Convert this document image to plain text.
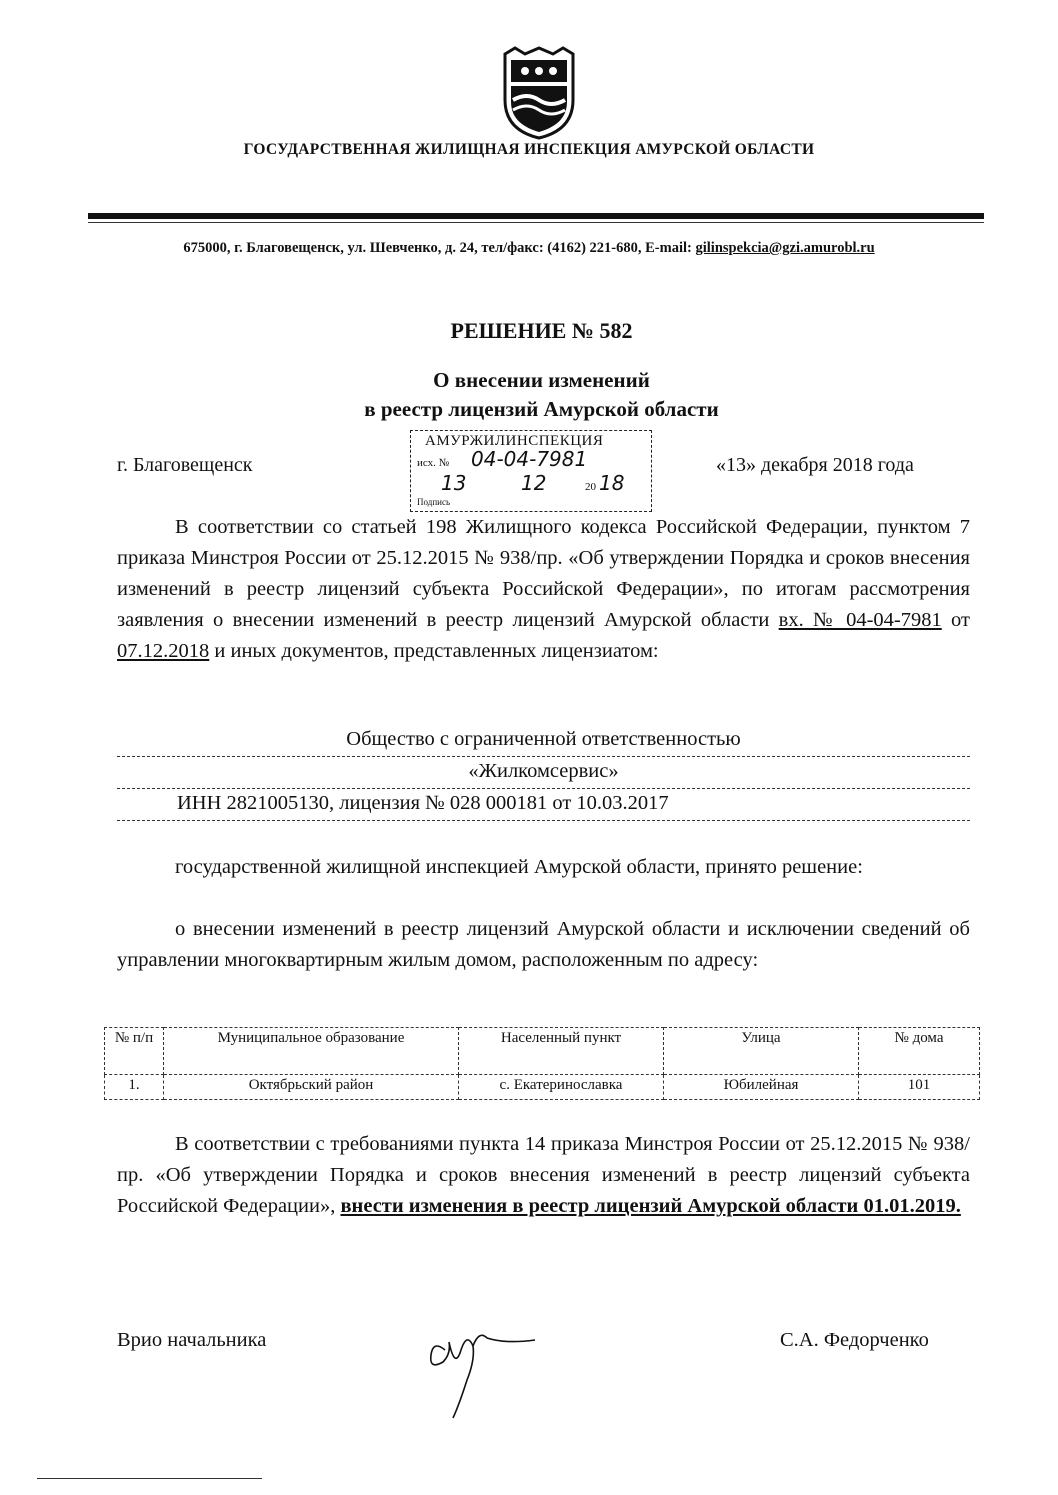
ГОСУДАРСТВЕННАЯ ЖИЛИЩНАЯ ИНСПЕКЦИЯ АМУРСКОЙ ОБЛАСТИ
675000, г. Благовещенск, ул. Шевченко, д. 24, тел/факс: (4162) 221-680, E-mail: gilinspekcia@gzi.amurobl.ru
РЕШЕНИЕ № 582
О внесении изменений
в реестр лицензий Амурской области
г. Благовещенск	«13» декабря 2018 года
АМУРЖИЛИНСПЕКЦИЯ
исх. № 04-04-7981
13	12	20 18
Подпись
В соответствии со статьей 198 Жилищного кодекса Российской Федерации, пунктом 7 приказа Минстроя России от 25.12.2015 № 938/пр. «Об утверждении Порядка и сроков внесения изменений в реестр лицензий субъекта Российской Федерации», по итогам рассмотрения заявления о внесении изменений в реестр лицензий Амурской области вх. № 04-04-7981 от 07.12.2018 и иных документов, представленных лицензиатом:
Общество с ограниченной ответственностью
«Жилкомсервис»
ИНН 2821005130, лицензия № 028 000181 от 10.03.2017
государственной жилищной инспекцией Амурской области, принято решение:
о внесении изменений в реестр лицензий Амурской области и исключении сведений об управлении многоквартирным жилым домом, расположенным по адресу:
№ п/п	Муниципальное образование	Населенный пункт	Улица	№ дома
1.	Октябрьский район	с. Екатеринославка	Юбилейная	101
В соответствии с требованиями пункта 14 приказа Минстроя России от 25.12.2015 № 938/пр. «Об утверждении Порядка и сроков внесения изменений в реестр лицензий субъекта Российской Федерации», внести изменения в реестр лицензий Амурской области 01.01.2019.
Врио начальника	С.А. Федорченко
